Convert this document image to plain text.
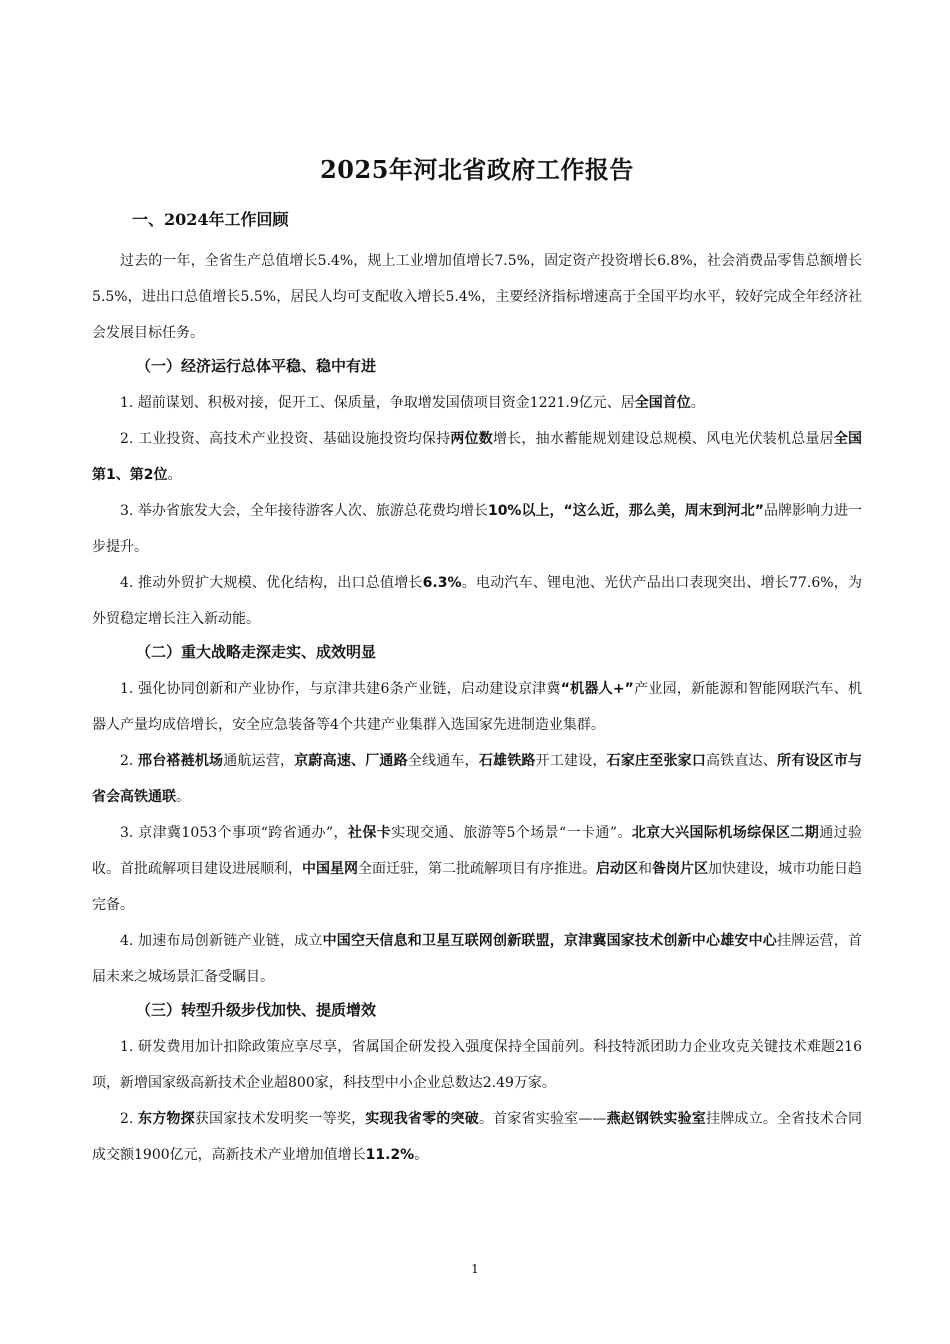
2025年河北省政府工作报告
一、2024年工作回顾

过去的一年，全省生产总值增长5.4%，规上工业增加值增长7.5%，固定资产投资增长6.8%，社会消费品零售总额增长5.5%，进出口总值增长5.5%，居民人均可支配收入增长5.4%，主要经济指标增速高于全国平均水平，较好完成全年经济社会发展目标任务。

（一）经济运行总体平稳、稳中有进

1. 超前谋划、积极对接，促开工、保质量，争取增发国债项目资金1221.9亿元、居全国首位。

2. 工业投资、高技术产业投资、基础设施投资均保持两位数增长，抽水蓄能规划建设总规模、风电光伏装机总量居全国第1、第2位。

3. 举办省旅发大会，全年接待游客人次、旅游总花费均增长10%以上，“这么近，那么美，周末到河北”品牌影响力进一步提升。

4. 推动外贸扩大规模、优化结构，出口总值增长6.3%。电动汽车、锂电池、光伏产品出口表现突出、增长77.6%，为外贸稳定增长注入新动能。

（二）重大战略走深走实、成效明显

1. 强化协同创新和产业协作，与京津共建6条产业链，启动建设京津冀“机器人+”产业园，新能源和智能网联汽车、机器人产量均成倍增长，安全应急装备等4个共建产业集群入选国家先进制造业集群。

2. 邢台褡裢机场通航运营，京蔚高速、厂通路全线通车，石雄铁路开工建设，石家庄至张家口高铁直达、所有设区市与省会高铁通联。

3. 京津冀1053个事项“跨省通办”，社保卡实现交通、旅游等5个场景“一卡通”。北京大兴国际机场综保区二期通过验收。首批疏解项目建设进展顺利，中国星网全面迁驻，第二批疏解项目有序推进。启动区和昝岗片区加快建设，城市功能日趋完备。

4. 加速布局创新链产业链，成立中国空天信息和卫星互联网创新联盟，京津冀国家技术创新中心雄安中心挂牌运营，首届未来之城场景汇备受瞩目。

（三）转型升级步伐加快、提质增效

1. 研发费用加计扣除政策应享尽享，省属国企研发投入强度保持全国前列。科技特派团助力企业攻克关键技术难题216项，新增国家级高新技术企业超800家，科技型中小企业总数达2.49万家。

2. 东方物探获国家技术发明奖一等奖，实现我省零的突破。首家省实验室——燕赵钢铁实验室挂牌成立。全省技术合同成交额1900亿元，高新技术产业增加值增长11.2%。

1
